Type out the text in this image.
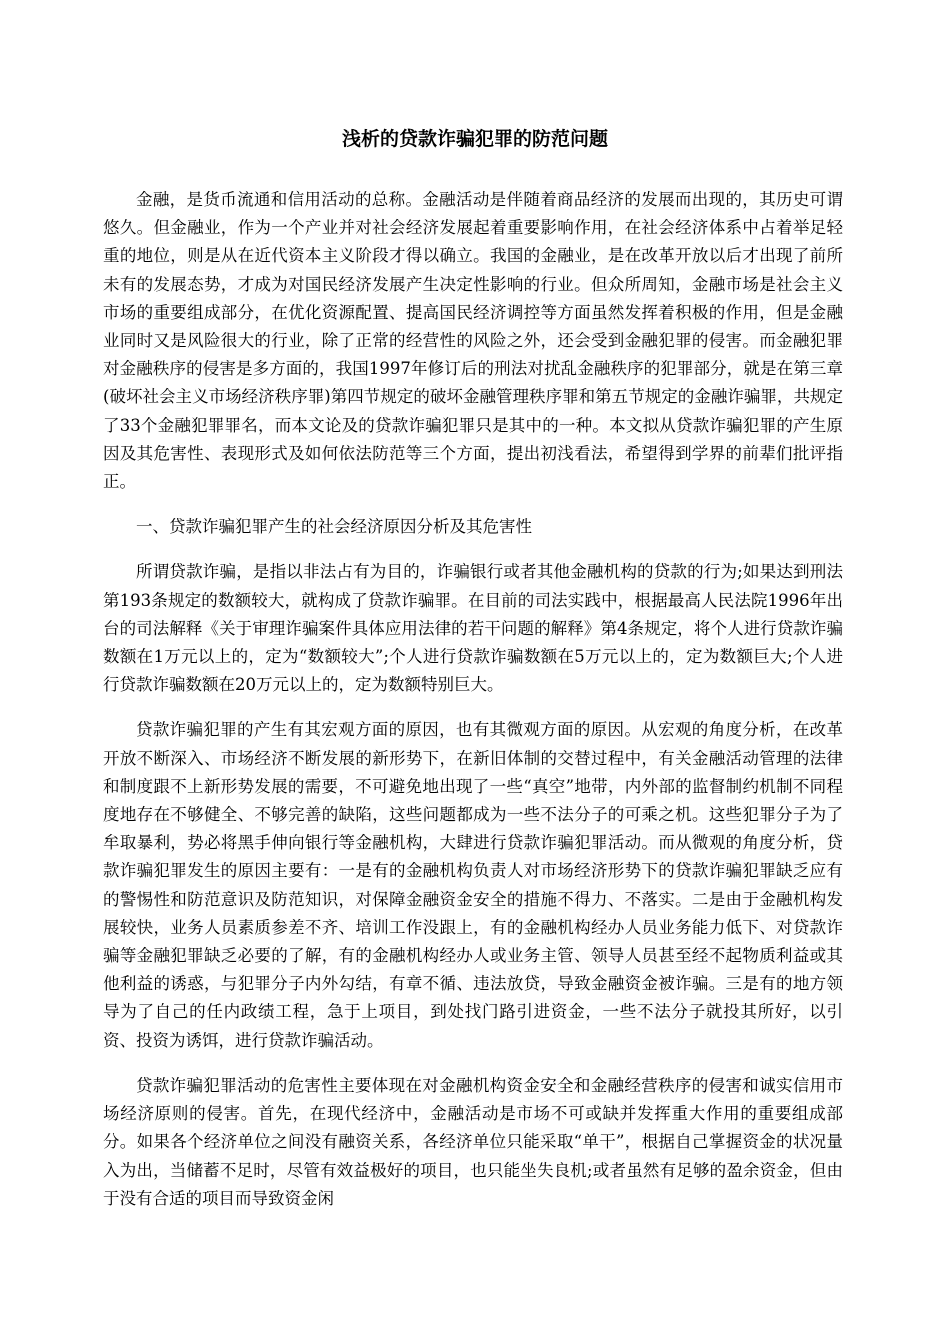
浅析的贷款诈骗犯罪的防范问题

金融，是货币流通和信用活动的总称。金融活动是伴随着商品经济的发展而出现的，其历史可谓悠久。但金融业，作为一个产业并对社会经济发展起着重要影响作用，在社会经济体系中占着举足轻重的地位，则是从在近代资本主义阶段才得以确立。我国的金融业，是在改革开放以后才出现了前所未有的发展态势，才成为对国民经济发展产生决定性影响的行业。但众所周知，金融市场是社会主义市场的重要组成部分，在优化资源配置、提高国民经济调控等方面虽然发挥着积极的作用，但是金融业同时又是风险很大的行业，除了正常的经营性的风险之外，还会受到金融犯罪的侵害。而金融犯罪对金融秩序的侵害是多方面的，我国1997年修订后的刑法对扰乱金融秩序的犯罪部分，就是在第三章(破坏社会主义市场经济秩序罪)第四节规定的破坏金融管理秩序罪和第五节规定的金融诈骗罪，共规定了33个金融犯罪罪名，而本文论及的贷款诈骗犯罪只是其中的一种。本文拟从贷款诈骗犯罪的产生原因及其危害性、表现形式及如何依法防范等三个方面，提出初浅看法，希望得到学界的前辈们批评指正。

一、贷款诈骗犯罪产生的社会经济原因分析及其危害性

所谓贷款诈骗，是指以非法占有为目的，诈骗银行或者其他金融机构的贷款的行为;如果达到刑法第193条规定的数额较大，就构成了贷款诈骗罪。在目前的司法实践中，根据最高人民法院1996年出台的司法解释《关于审理诈骗案件具体应用法律的若干问题的解释》第4条规定，将个人进行贷款诈骗数额在1万元以上的，定为“数额较大”;个人进行贷款诈骗数额在5万元以上的，定为数额巨大;个人进行贷款诈骗数额在20万元以上的，定为数额特别巨大。

贷款诈骗犯罪的产生有其宏观方面的原因，也有其微观方面的原因。从宏观的角度分析，在改革开放不断深入、市场经济不断发展的新形势下，在新旧体制的交替过程中，有关金融活动管理的法律和制度跟不上新形势发展的需要，不可避免地出现了一些“真空”地带，内外部的监督制约机制不同程度地存在不够健全、不够完善的缺陷，这些问题都成为一些不法分子的可乘之机。这些犯罪分子为了牟取暴利，势必将黑手伸向银行等金融机构，大肆进行贷款诈骗犯罪活动。而从微观的角度分析，贷款诈骗犯罪发生的原因主要有：一是有的金融机构负责人对市场经济形势下的贷款诈骗犯罪缺乏应有的警惕性和防范意识及防范知识，对保障金融资金安全的措施不得力、不落实。二是由于金融机构发展较快，业务人员素质参差不齐、培训工作没跟上，有的金融机构经办人员业务能力低下、对贷款诈骗等金融犯罪缺乏必要的了解，有的金融机构经办人或业务主管、领导人员甚至经不起物质利益或其他利益的诱惑，与犯罪分子内外勾结，有章不循、违法放贷，导致金融资金被诈骗。三是有的地方领导为了自己的任内政绩工程，急于上项目，到处找门路引进资金，一些不法分子就投其所好，以引资、投资为诱饵，进行贷款诈骗活动。

贷款诈骗犯罪活动的危害性主要体现在对金融机构资金安全和金融经营秩序的侵害和诚实信用市场经济原则的侵害。首先，在现代经济中，金融活动是市场不可或缺并发挥重大作用的重要组成部分。如果各个经济单位之间没有融资关系，各经济单位只能采取“单干”，根据自己掌握资金的状况量入为出，当储蓄不足时，尽管有效益极好的项目，也只能坐失良机;或者虽然有足够的盈余资金，但由于没有合适的项目而导致资金闲
